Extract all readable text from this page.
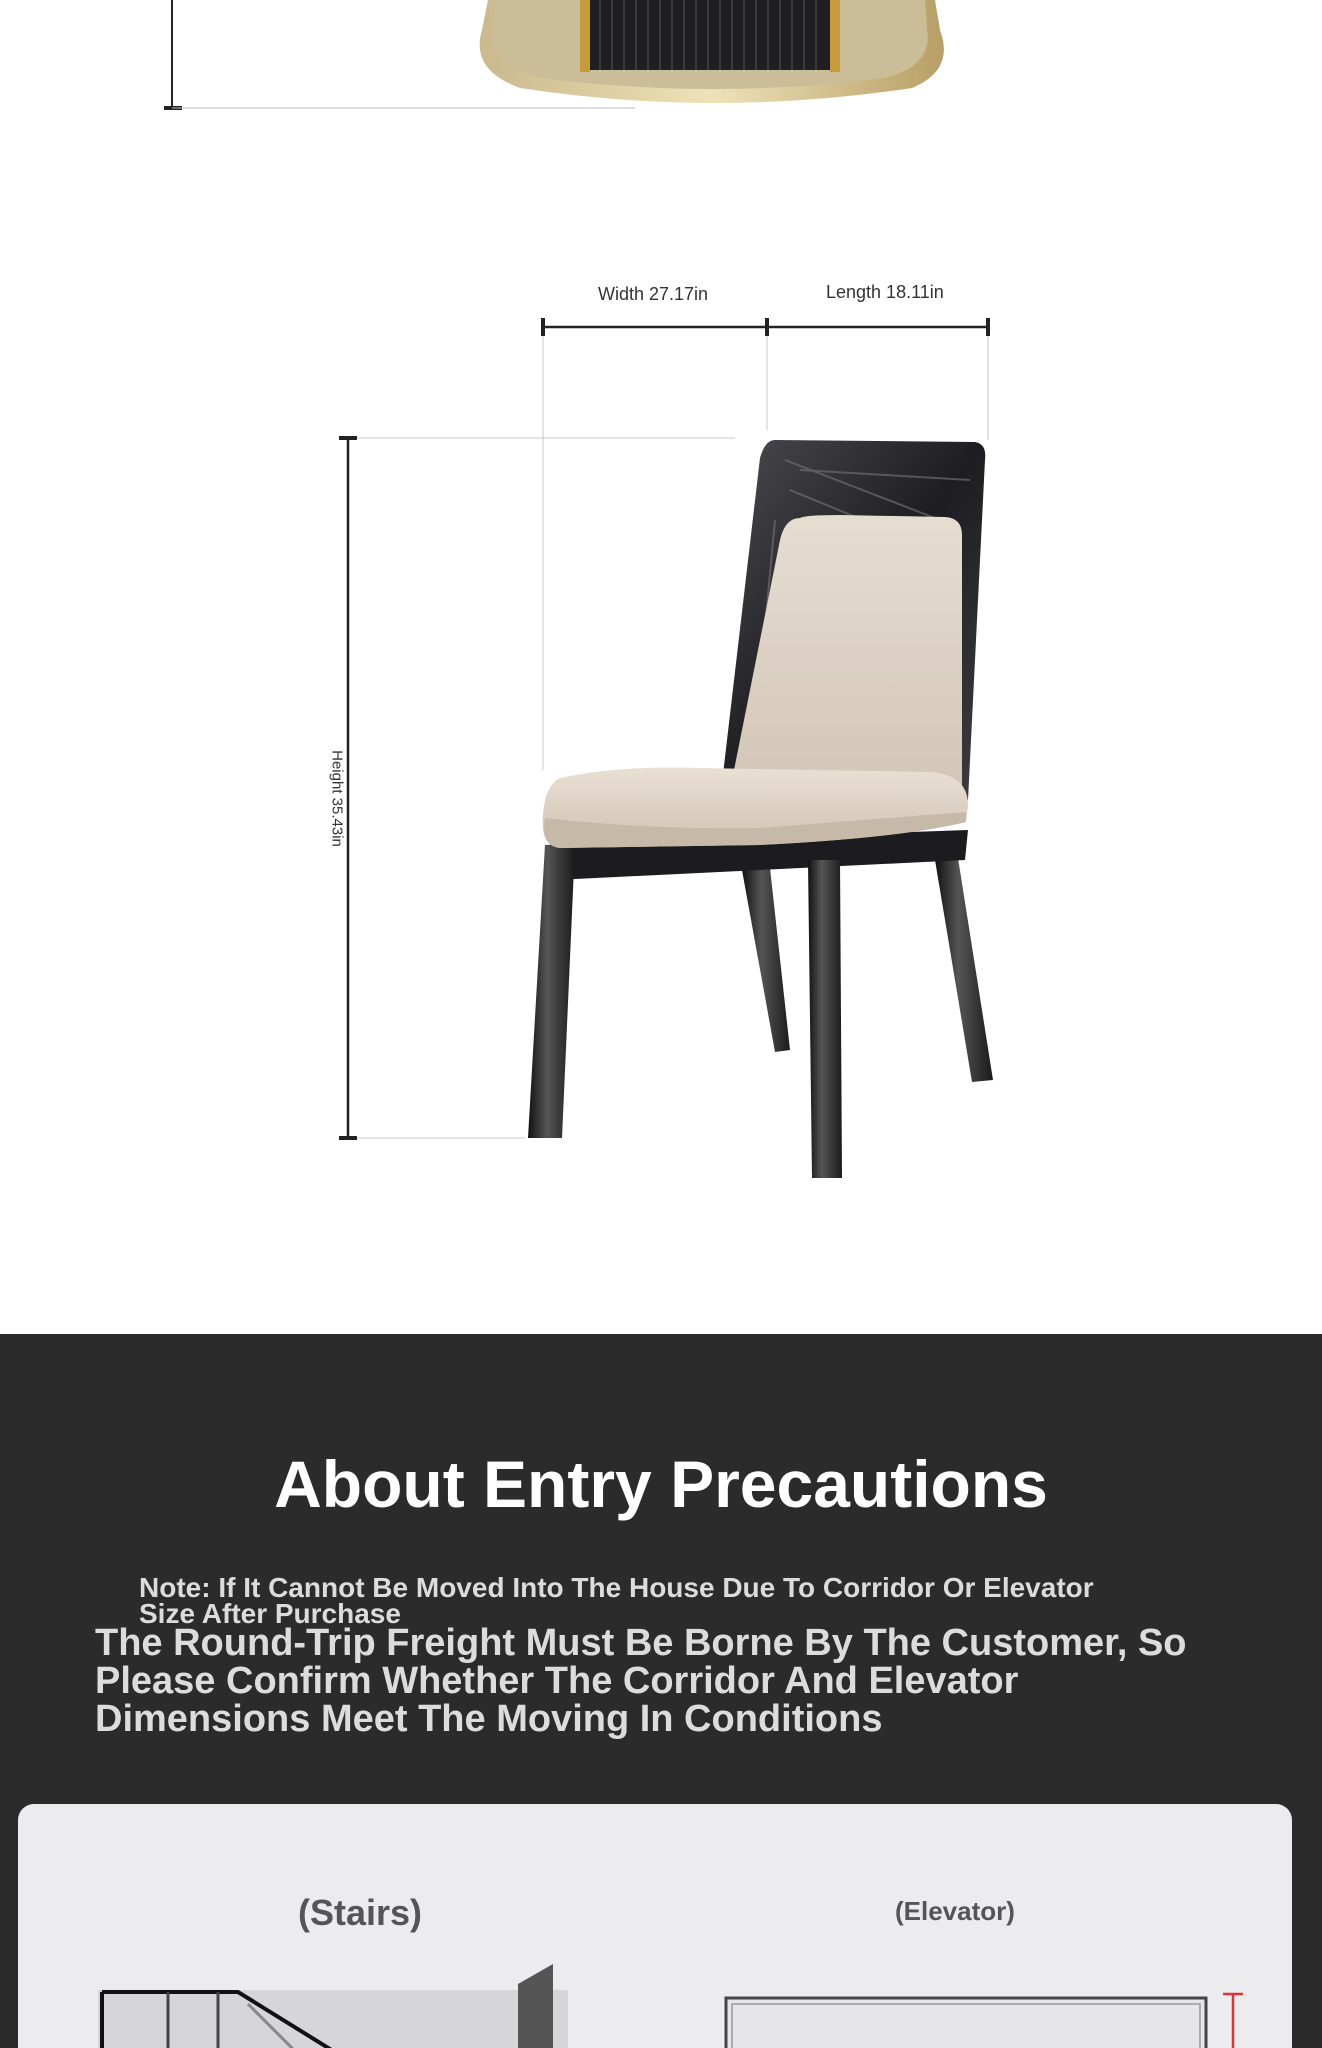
Width 27.17in	Length 18.11in
Height 35.43in
About Entry Precautions
Note: If It Cannot Be Moved Into The House Due To Corridor Or Elevator Size After Purchase
The Round-Trip Freight Must Be Borne By The Customer, So Please Confirm Whether The Corridor And Elevator Dimensions Meet The Moving In Conditions
(Stairs)	(Elevator)
